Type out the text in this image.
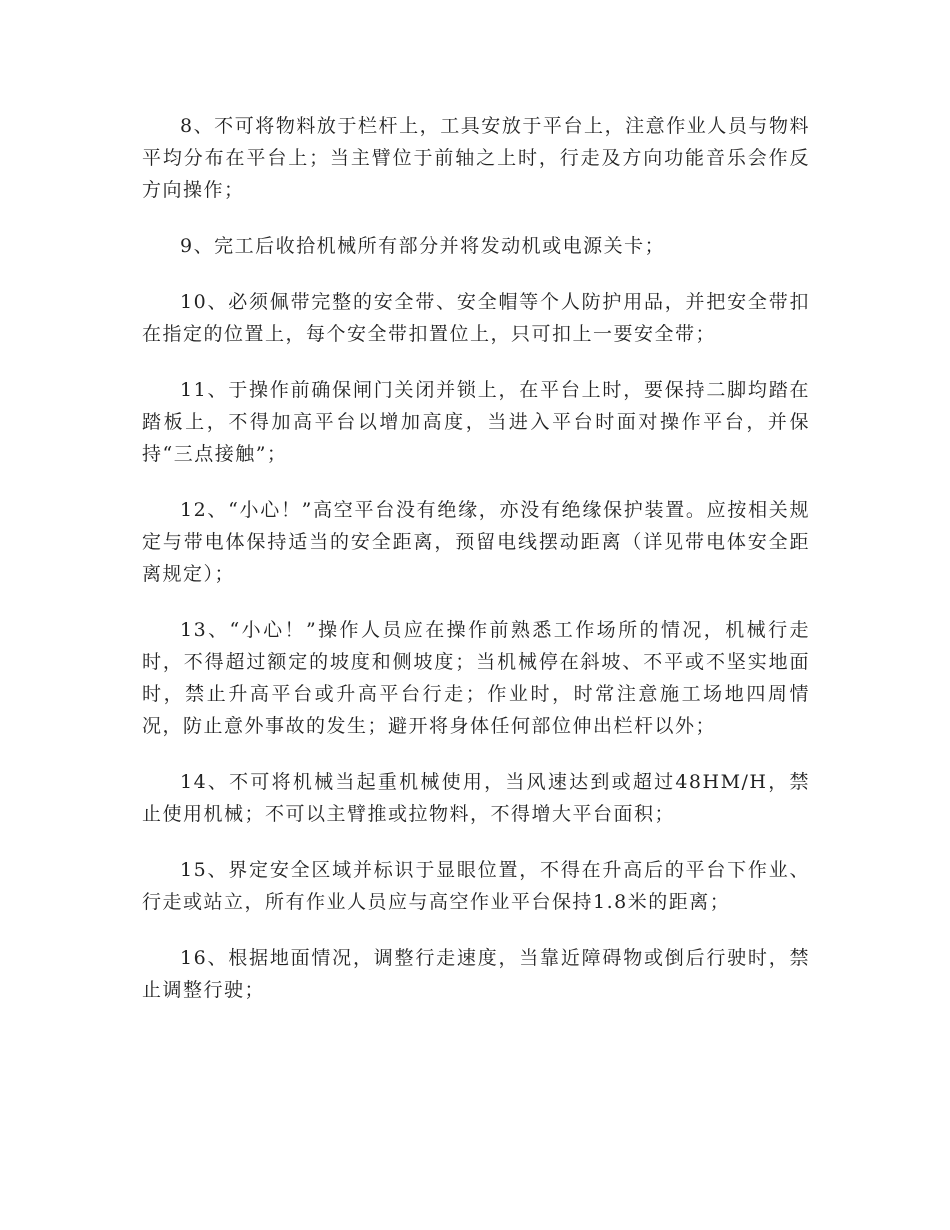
8、不可将物料放于栏杆上，工具安放于平台上，注意作业人员与物料平均分布在平台上；当主臂位于前轴之上时，行走及方向功能音乐会作反方向操作；

9、完工后收拾机械所有部分并将发动机或电源关卡；

10、必须佩带完整的安全带、安全帽等个人防护用品，并把安全带扣在指定的位置上，每个安全带扣置位上，只可扣上一要安全带；

11、于操作前确保闸门关闭并锁上，在平台上时，要保持二脚均踏在踏板上，不得加高平台以增加高度，当进入平台时面对操作平台，并保持“三点接触”；

12、“小心！”高空平台没有绝缘，亦没有绝缘保护装置。应按相关规定与带电体保持适当的安全距离，预留电线摆动距离（详见带电体安全距离规定）；

13、“小心！”操作人员应在操作前熟悉工作场所的情况，机械行走时，不得超过额定的坡度和侧坡度；当机械停在斜坡、不平或不坚实地面时，禁止升高平台或升高平台行走；作业时，时常注意施工场地四周情况，防止意外事故的发生；避开将身体任何部位伸出栏杆以外；

14、不可将机械当起重机械使用，当风速达到或超过48HM/H，禁止使用机械；不可以主臂推或拉物料，不得增大平台面积；

15、界定安全区域并标识于显眼位置，不得在升高后的平台下作业、行走或站立，所有作业人员应与高空作业平台保持1.8米的距离；

16、根据地面情况，调整行走速度，当靠近障碍物或倒后行驶时，禁止调整行驶；
